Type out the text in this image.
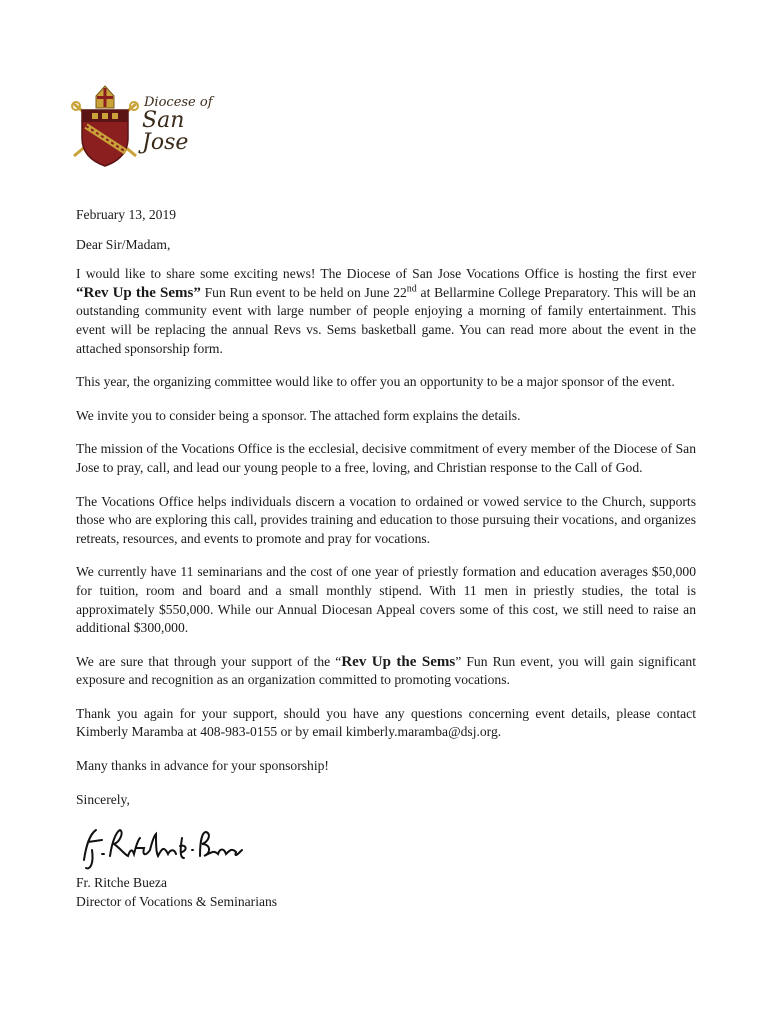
Diocese of
San Jose

February 13, 2019

Dear Sir/Madam,

I would like to share some exciting news! The Diocese of San Jose Vocations Office is hosting the first ever “Rev Up the Sems” Fun Run event to be held on June 22nd at Bellarmine College Preparatory. This will be an outstanding community event with large number of people enjoying a morning of family entertainment. This event will be replacing the annual Revs vs. Sems basketball game. You can read more about the event in the attached sponsorship form.

This year, the organizing committee would like to offer you an opportunity to be a major sponsor of the event.

We invite you to consider being a sponsor. The attached form explains the details.

The mission of the Vocations Office is the ecclesial, decisive commitment of every member of the Diocese of San Jose to pray, call, and lead our young people to a free, loving, and Christian response to the Call of God.

The Vocations Office helps individuals discern a vocation to ordained or vowed service to the Church, supports those who are exploring this call, provides training and education to those pursuing their vocations, and organizes retreats, resources, and events to promote and pray for vocations.

We currently have 11 seminarians and the cost of one year of priestly formation and education averages $50,000 for tuition, room and board and a small monthly stipend. With 11 men in priestly studies, the total is approximately $550,000. While our Annual Diocesan Appeal covers some of this cost, we still need to raise an additional $300,000.

We are sure that through your support of the “Rev Up the Sems” Fun Run event, you will gain significant exposure and recognition as an organization committed to promoting vocations.

Thank you again for your support, should you have any questions concerning event details, please contact Kimberly Maramba at 408-983-0155 or by email kimberly.maramba@dsj.org.

Many thanks in advance for your sponsorship!

Sincerely,

Fr. Ritche Bueza

Director of Vocations & Seminarians
